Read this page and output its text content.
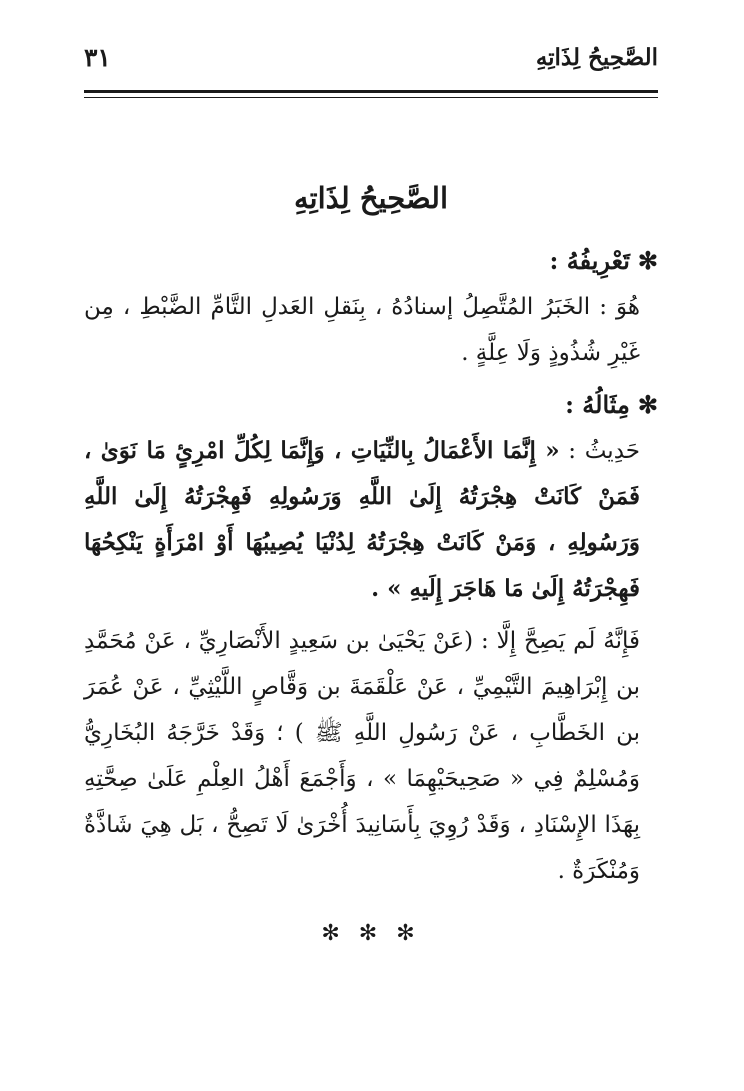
الصَّحِيحُ لِذَاتِهِ
٣١
الصَّحِيحُ لِذَاتِهِ

✻تَعْرِيفُهُ :

هُوَ : الخَبَرُ المُتَّصِلُ إسنادُهُ ، بِنَقلِ العَدلِ التَّامِّ الضَّبْطِ ، مِن غَيْرِ شُذُوذٍ وَلَا عِلَّةٍ .

✻مِثَالُهُ :

حَدِيثُ : « إِنَّمَا الأَعْمَالُ بِالنِّيَاتِ ، وَإِنَّمَا لِكُلِّ امْرِئٍ مَا نَوَىٰ ، فَمَنْ كَانَتْ هِجْرَتُهُ إِلَىٰ اللَّهِ وَرَسُولِهِ فَهِجْرَتُهُ إِلَىٰ اللَّهِ وَرَسُولِهِ ، وَمَنْ كَانَتْ هِجْرَتُهُ لِدُنْيَا يُصِيبُهَا أَوْ امْرَأَةٍ يَنْكِحُهَا فَهِجْرَتُهُ إِلَىٰ مَا هَاجَرَ إِلَيهِ » .

فَإِنَّهُ لَم يَصِحَّ إِلَّا : (عَنْ يَحْيَىٰ بن سَعِيدٍ الأَنْصَارِيِّ ، عَنْ مُحَمَّدِ بن إِبْرَاهِيمَ التَّيْمِيِّ ، عَنْ عَلْقَمَةَ بن وَقَّاصٍ اللَّيْثِيِّ ، عَنْ عُمَرَ بن الخَطَّابِ ، عَنْ رَسُولِ اللَّهِ ﷺ ) ؛ وَقَدْ خَرَّجَهُ البُخَارِيُّ وَمُسْلِمٌ فِي « صَحِيحَيْهِمَا » ، وَأَجْمَعَ أَهْلُ العِلْمِ عَلَىٰ صِحَّتِهِ بِهَذَا الإِسْنَادِ ، وَقَدْ رُوِيَ بِأَسَانِيدَ أُخْرَىٰ لَا تَصِحُّ ، بَل هِيَ شَاذَّةٌ وَمُنْكَرَةٌ .

✻ ✻ ✻
